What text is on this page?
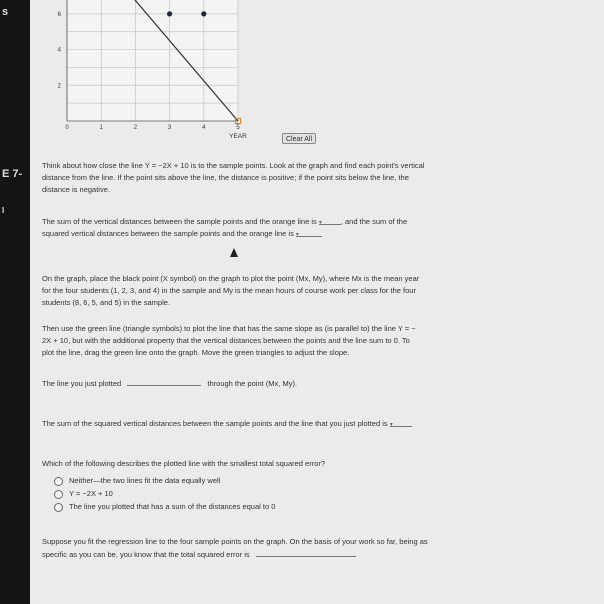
s
E 7-
I
0	1	2	3	4	5
2
4
6
YEAR	Clear All
Think about how close the line Y = −2X + 10 is to the sample points. Look at the graph and find each point's vertical
distance from the line. If the point sits above the line, the distance is positive; if the point sits below the line, the
distance is negative.
The sum of the vertical distances between the sample points and the orange line is ▾	, and the sum of the
squared vertical distances between the sample points and the orange line is ▾
On the graph, place the black point (X symbol) on the graph to plot the point (Mx, My), where Mx is the mean year
for the four students (1, 2, 3, and 4) in the sample and My is the mean hours of course work per class for the four
students (8, 6, 5, and 5) in the sample.
Then use the green line (triangle symbols) to plot the line that has the same slope as (is parallel to) the line Y = −
2X + 10, but with the additional property that the vertical distances between the points and the line sum to 0. To
plot the line, drag the green line onto the graph. Move the green triangles to adjust the slope.
The line you just plotted	through the point (Mx, My).
The sum of the squared vertical distances between the sample points and the line that you just plotted is ▾
Which of the following describes the plotted line with the smallest total squared error?
Neither—the two lines fit the data equally well
Y = −2X + 10
The line you plotted that has a sum of the distances equal to 0
Suppose you fit the regression line to the four sample points on the graph. On the basis of your work so far, being as
specific as you can be, you know that the total squared error is
